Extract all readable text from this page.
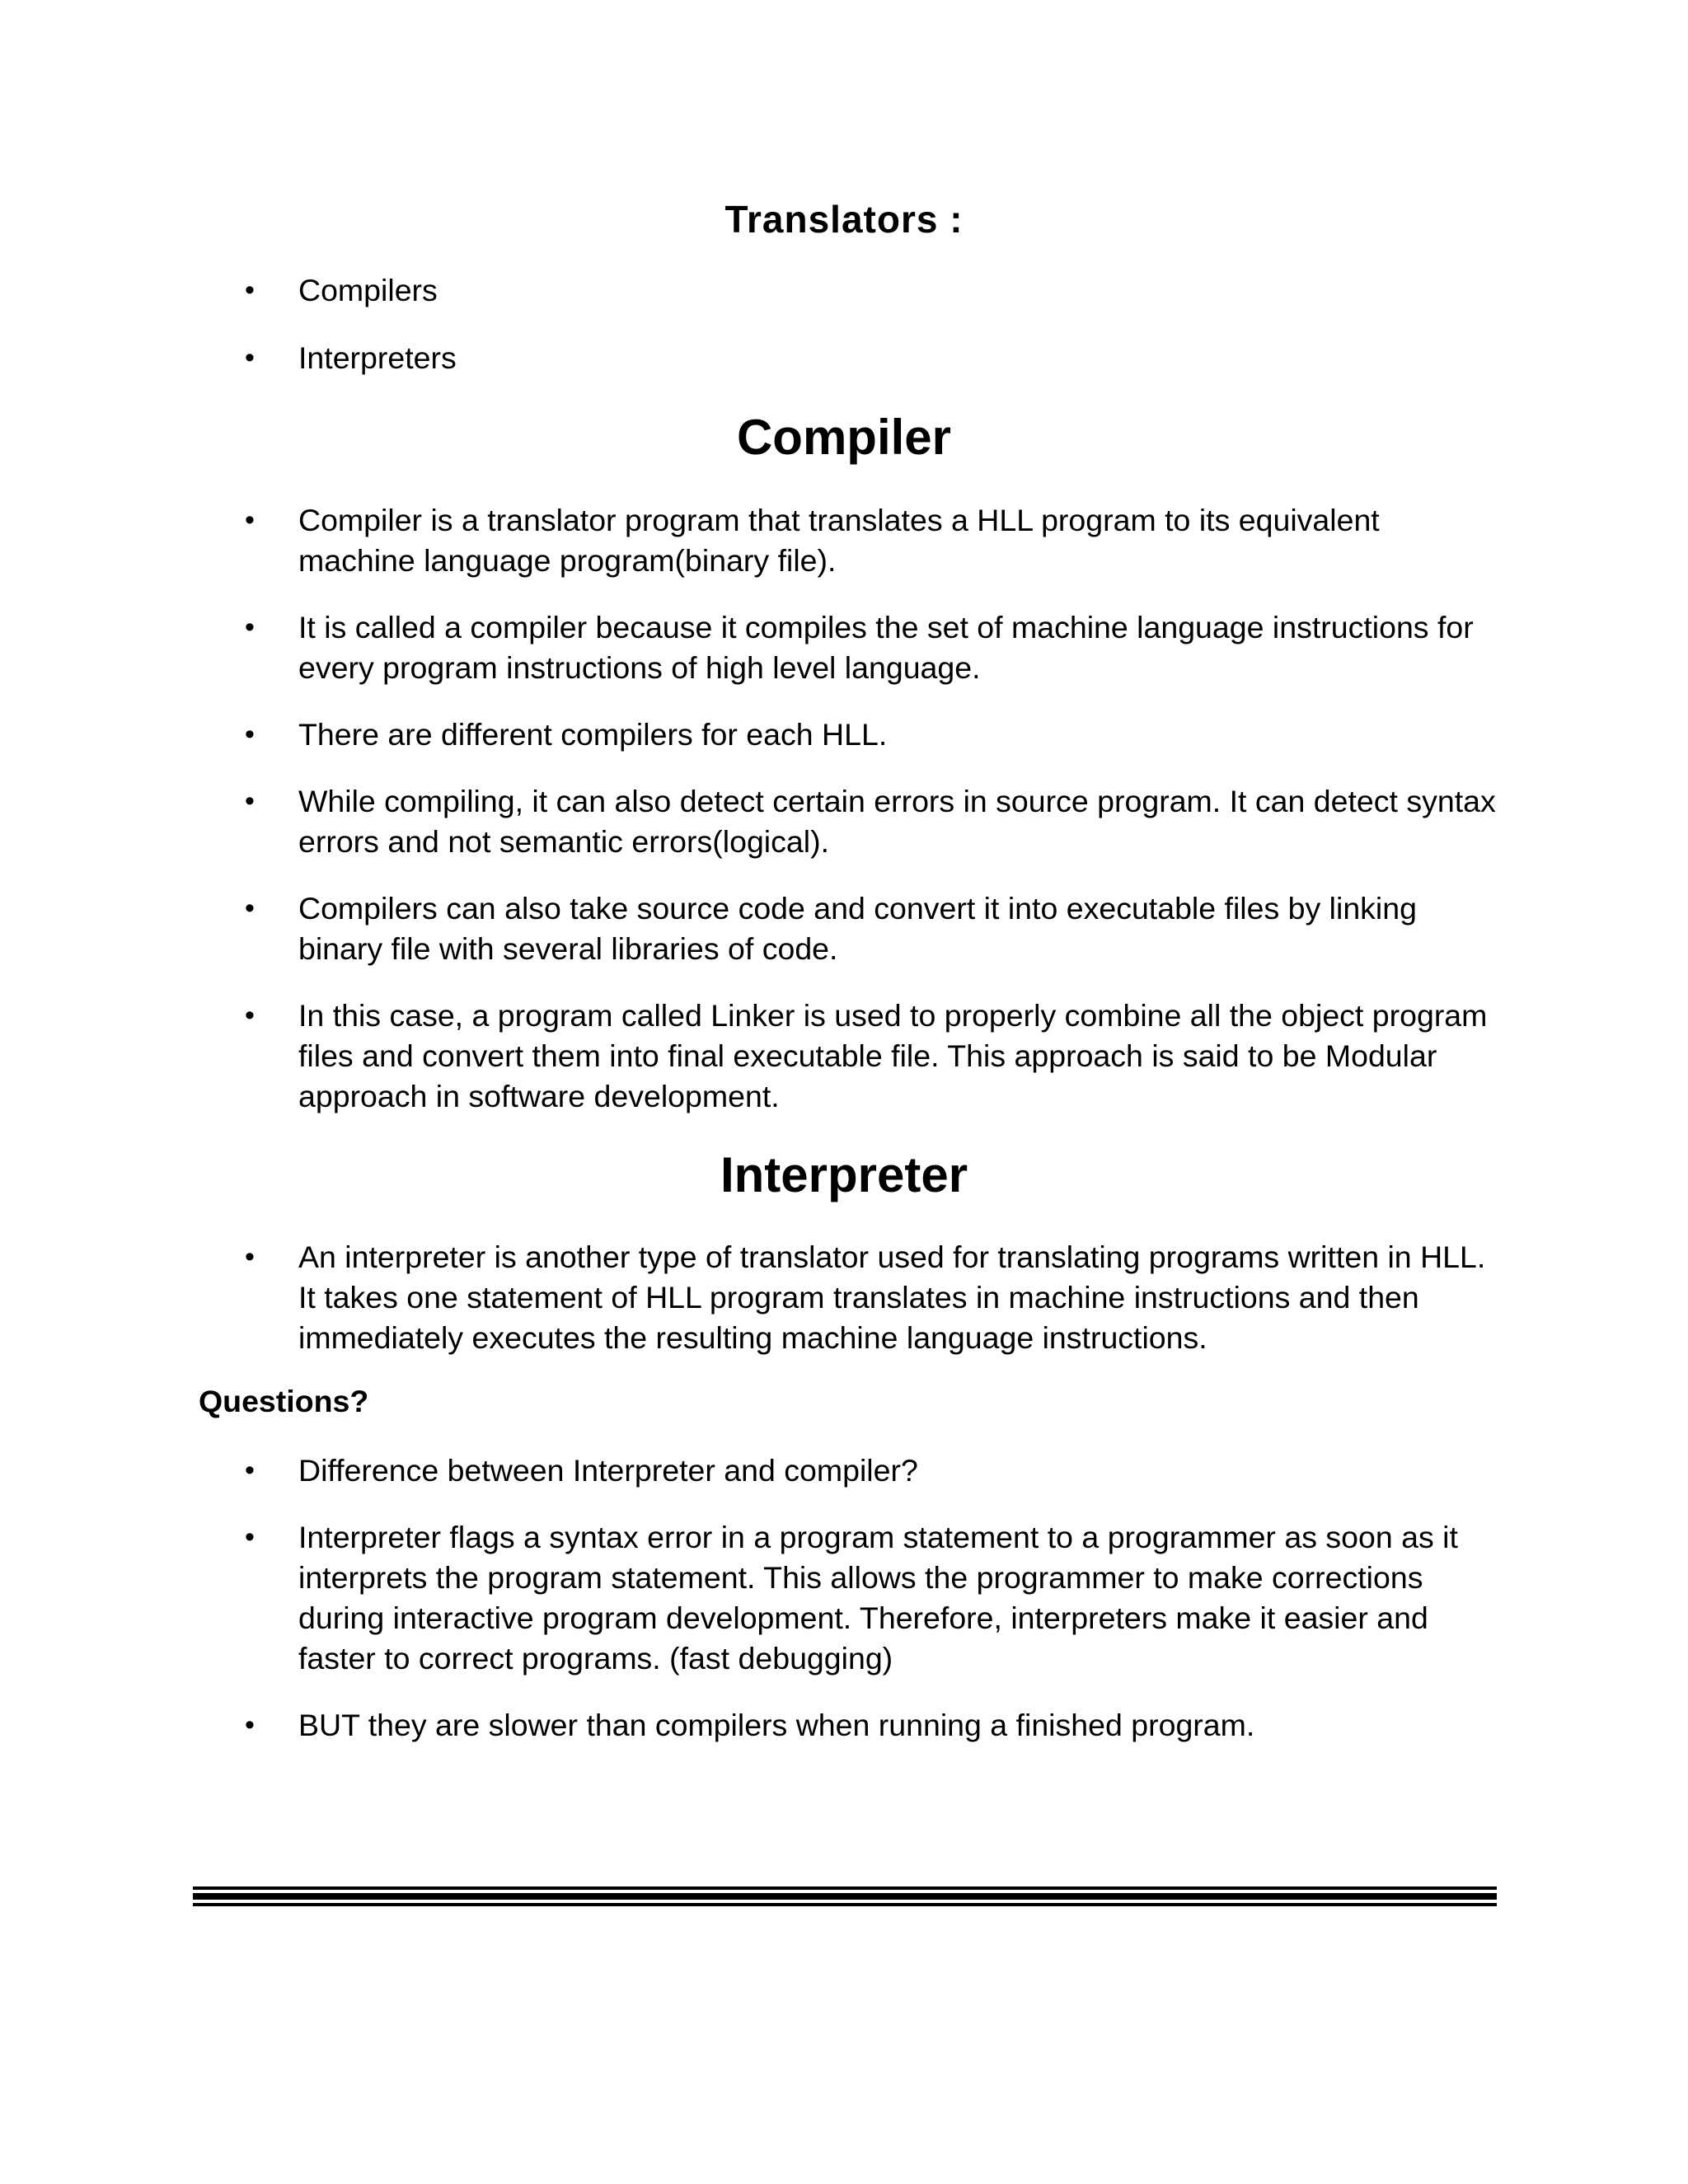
Translators :
• Compilers
• Interpreters
Compiler
• Compiler is a translator program that translates a HLL program to its equivalent machine language program(binary file).
• It is called a compiler because it compiles the set of machine language instructions for every program instructions of high level language.
• There are different compilers for each HLL.
• While compiling, it can also detect certain errors in source program. It can detect syntax errors and not semantic errors(logical).
• Compilers can also take source code and convert it into executable files by linking binary file with several libraries of code.
• In this case, a program called Linker is used to properly combine all the object program files and convert them into final executable file. This approach is said to be Modular approach in software development.
Interpreter
• An interpreter is another type of translator used for translating programs written in HLL. It takes one statement of HLL program translates in machine instructions and then immediately executes the resulting machine language instructions.
Questions?
• Difference between Interpreter and compiler?
• Interpreter flags a syntax error in a program statement to a programmer as soon as it interprets the program statement. This allows the programmer to make corrections during interactive program development. Therefore, interpreters make it easier and faster to correct programs. (fast debugging)
• BUT they are slower than compilers when running a finished program.
